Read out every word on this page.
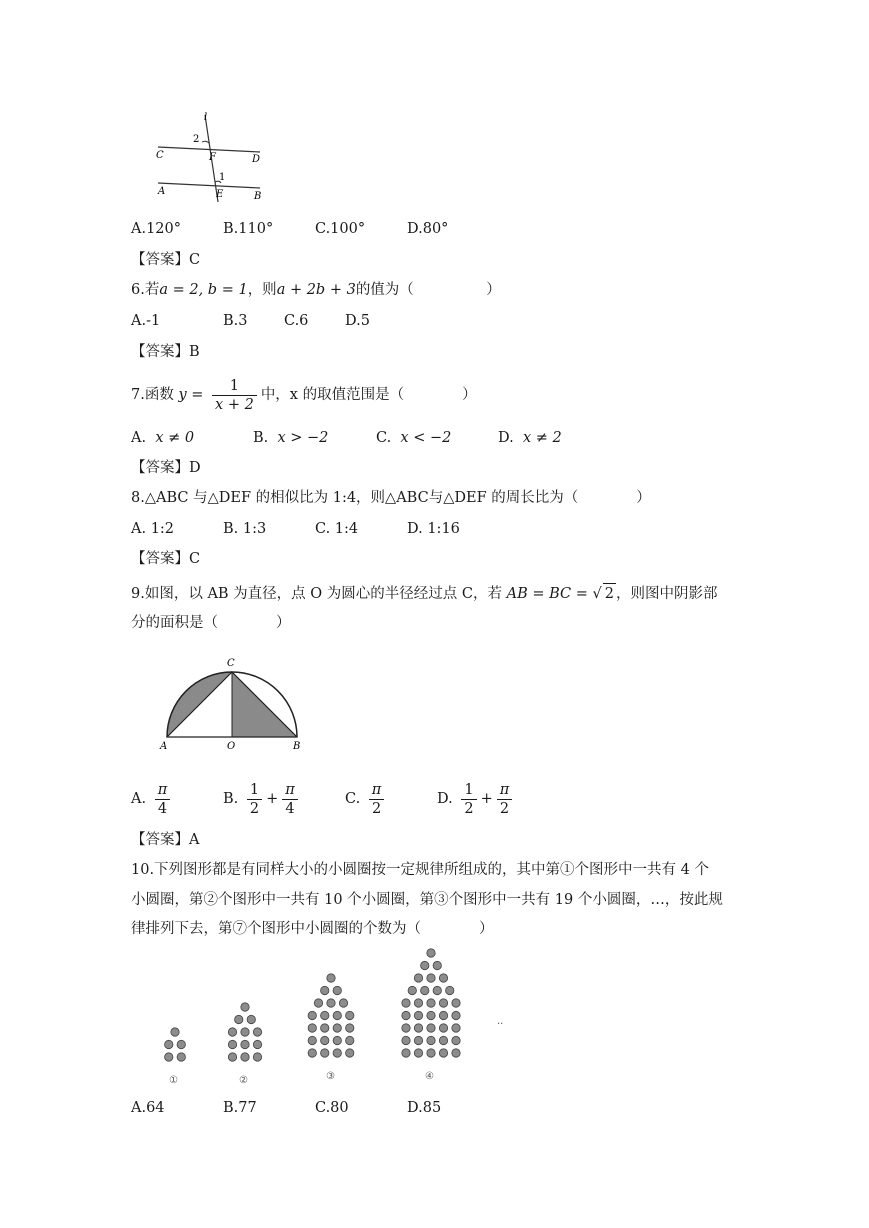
l
2
1
C	F	D
A	E	B
A.120°	B.110°	C.100°	D.80°
【答案】C
6.若a = 2, b = 1，则a + 2b + 3的值为（　　　　　）
A.-1	B.3	C.6	D.5
【答案】B
7.函数 $y = \frac{1}{x + 2}$ 中，x 的取值范围是（　　　　）
A. x ≠ 0	B. x > −2	C. x < −2	D. x ≠ 2
【答案】D
8.△ABC 与△DEF 的相似比为 1:4，则△ABC与△DEF 的周长比为（　　　　）
A. 1:2	B. 1:3	C. 1:4	D. 1:16
【答案】C
9.如图，以 AB 为直径，点 O 为圆心的半径经过点 C，若 AB = BC = √ 2 ，则图中阴影部
分的面积是（　　　　）
C
A	O	B
A. $\frac{\pi}{4}$	B. $\frac{1}{2} + \frac{\pi}{4}$	C. $\frac{\pi}{2}$	D. $\frac{1}{2} + \frac{\pi}{2}$
【答案】A
10.下列图形都是有同样大小的小圆圈按一定规律所组成的，其中第①个图形中一共有 4 个
小圆圈，第②个图形中一共有 10 个小圆圈，第③个图形中一共有 19 个小圆圈，…，按此规
律排列下去，第⑦个图形中小圆圈的个数为（　　　　）
①	②	③	④
··
A.64	B.77	C.80	D.85
